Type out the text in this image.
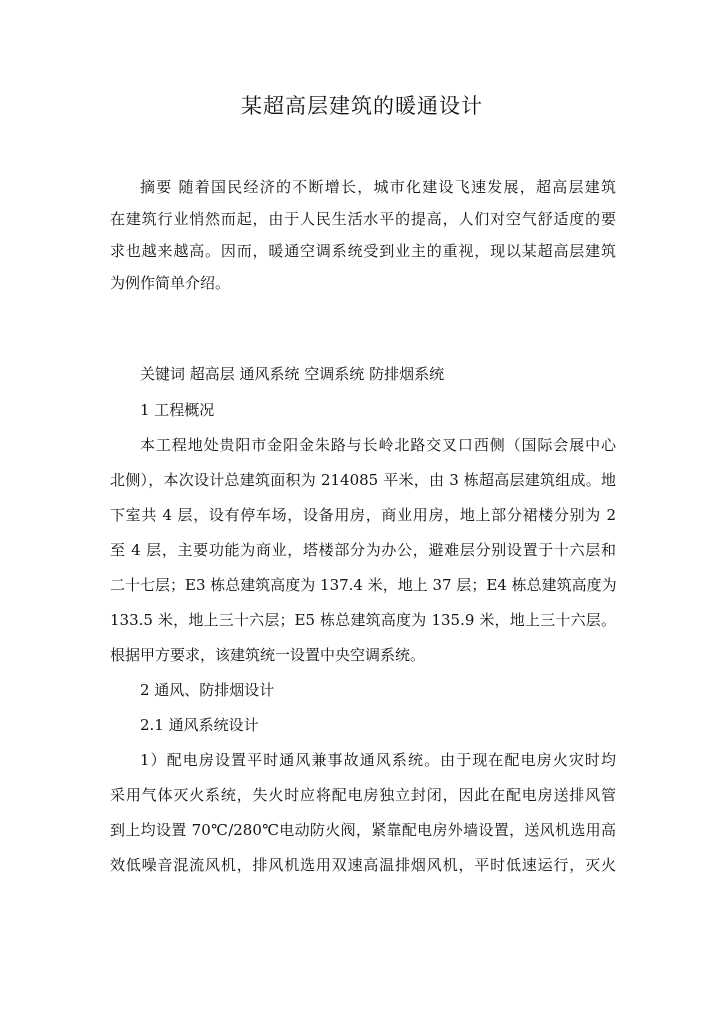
某超高层建筑的暖通设计
摘要 随着国民经济的不断增长，城市化建设飞速发展，超高层建筑
在建筑行业悄然而起，由于人民生活水平的提高，人们对空气舒适度的要
求也越来越高。因而，暖通空调系统受到业主的重视，现以某超高层建筑
为例作简单介绍。
关键词 超高层 通风系统 空调系统 防排烟系统
1 工程概况
本工程地处贵阳市金阳金朱路与长岭北路交叉口西侧（国际会展中心
北侧），本次设计总建筑面积为 214085 平米，由 3 栋超高层建筑组成。地
下室共 4 层，设有停车场，设备用房，商业用房，地上部分裙楼分别为 2
至 4 层，主要功能为商业，塔楼部分为办公，避难层分别设置于十六层和
二十七层；E3 栋总建筑高度为 137.4 米，地上 37 层；E4 栋总建筑高度为
133.5 米，地上三十六层；E5 栋总建筑高度为 135.9 米，地上三十六层。
根据甲方要求，该建筑统一设置中央空调系统。
2 通风、防排烟设计
2.1 通风系统设计
1）配电房设置平时通风兼事故通风系统。由于现在配电房火灾时均
采用气体灭火系统，失火时应将配电房独立封闭，因此在配电房送排风管
到上均设置 70℃/280℃电动防火阀，紧靠配电房外墙设置，送风机选用高
效低噪音混流风机，排风机选用双速高温排烟风机，平时低速运行，灭火
